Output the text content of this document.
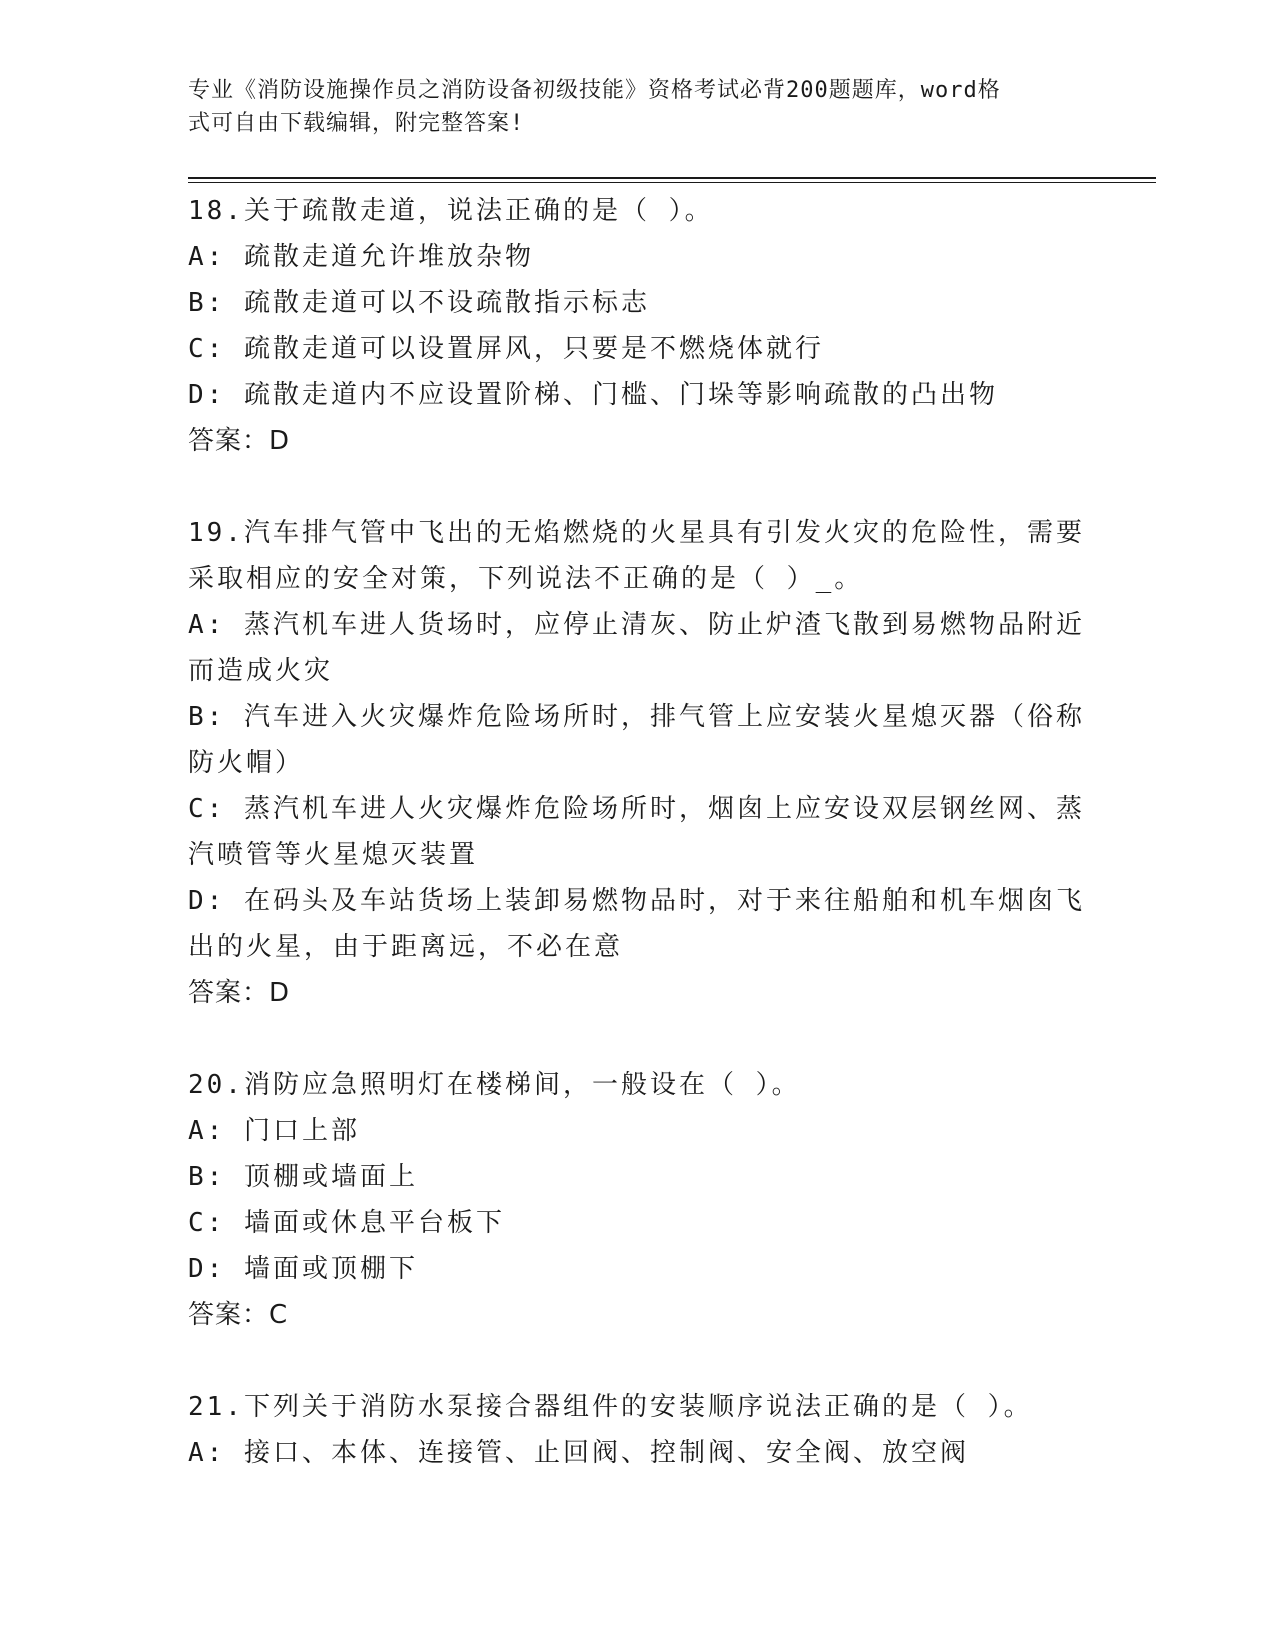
专业《消防设施操作员之消防设备初级技能》资格考试必背200题题库，word格
式可自由下载编辑，附完整答案!
18.关于疏散走道，说法正确的是（ ）。
A: 疏散走道允许堆放杂物
B: 疏散走道可以不设疏散指示标志
C: 疏散走道可以设置屏风，只要是不燃烧体就行
D: 疏散走道内不应设置阶梯、门槛、门垛等影响疏散的凸出物
答案：D
19.汽车排气管中飞出的无焰燃烧的火星具有引发火灾的危险性，需要
采取相应的安全对策，下列说法不正确的是（ ）_。
A: 蒸汽机车进人货场时，应停止清灰、防止炉渣飞散到易燃物品附近
而造成火灾
B: 汽车进入火灾爆炸危险场所时，排气管上应安装火星熄灭器（俗称
防火帽）
C: 蒸汽机车进人火灾爆炸危险场所时，烟囱上应安设双层钢丝网、蒸
汽喷管等火星熄灭装置
D: 在码头及车站货场上装卸易燃物品时，对于来往船舶和机车烟囱飞
出的火星，由于距离远，不必在意
答案：D
20.消防应急照明灯在楼梯间，一般设在（ ）。
A: 门口上部
B: 顶棚或墙面上
C: 墙面或休息平台板下
D: 墙面或顶棚下
答案：C
21.下列关于消防水泵接合器组件的安装顺序说法正确的是（ ）。
A: 接口、本体、连接管、止回阀、控制阀、安全阀、放空阀
